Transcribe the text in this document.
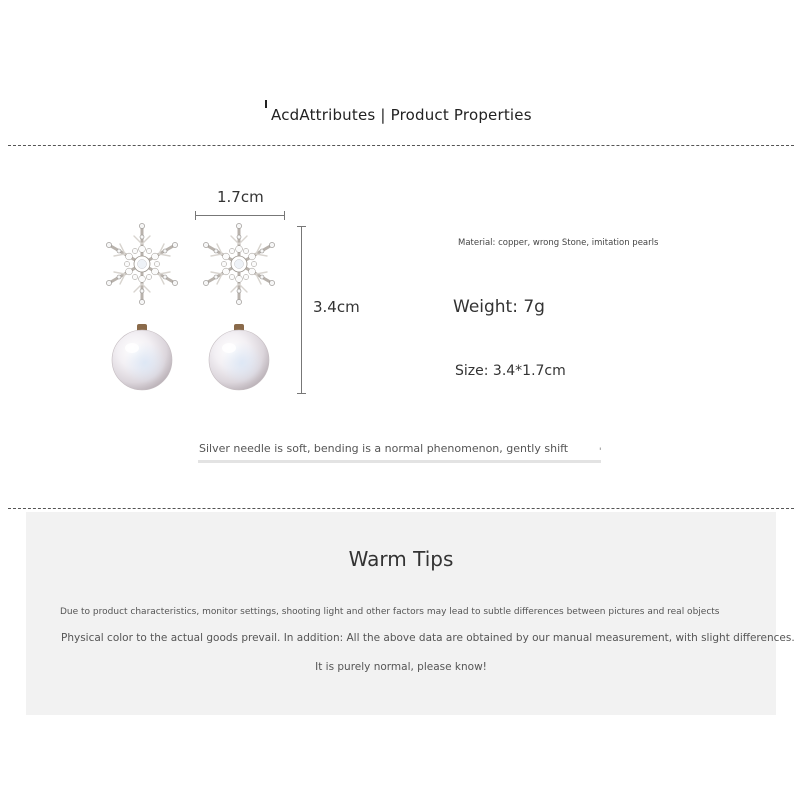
AcdAttributes | Product Properties
1.7cm
3.4cm
Material: copper, wrong Stone, imitation pearls
Weight: 7g
Size: 3.4*1.7cm
Silver needle is soft, bending is a normal phenomenon, gently shift	'
Warm Tips
Due to product characteristics, monitor settings, shooting light and other factors may lead to subtle differences between pictures and real objects
Physical color to the actual goods prevail. In addition: All the above data are obtained by our manual measurement, with slight differences.
It is purely normal, please know!
